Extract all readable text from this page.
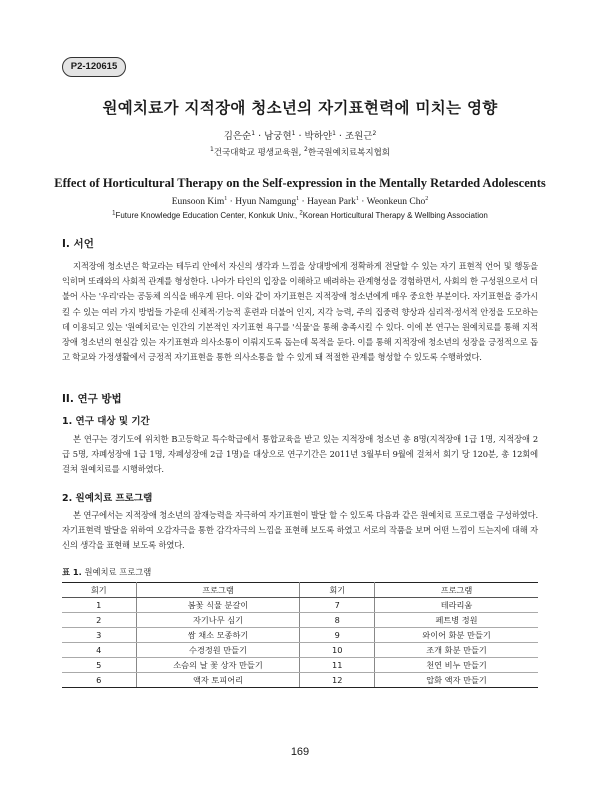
P2-120615
원예치료가 지적장애 청소년의 자기표현력에 미치는 영향
김은순$^1$ · 남궁현$^1$ · 박하얀$^1$ · 조원근$^2$
$^1$건국대학교 평생교육원, $^2$한국원예치료복지협회
Effect of Horticultural Therapy on the Self-expression in the Mentally Retarded Adolescents
Eunsoon Kim$^1$ · Hyun Namgung$^1$ · Hayean Park$^1$ · Weonkeun Cho$^2$
$^1$Future Knowledge Education Center, Konkuk Univ., $^2$Korean Horticultural Therapy & Wellbing Association
I. 서언

지적장애 청소년은 학교라는 테두리 안에서 자신의 생각과 느낌을 상대방에게 정확하게 전달할 수 있는 자기 표현적 언어 및 행동을 익히며 또래와의 사회적 관계를 형성한다. 나아가 타인의 입장을 이해하고 배려하는 관계형성을 경험하면서, 사회의 한 구성원으로서 더불어 사는 '우리'라는 공동체 의식을 배우게 된다. 이와 같이 자기표현은 지적장애 청소년에게 매우 중요한 부분이다. 자기표현을 증가시킬 수 있는 여러 가지 방법들 가운데 신체적·기능적 훈련과 더불어 인지, 지각 능력, 주의 집중력 향상과 심리적·정서적 안정을 도모하는데 이용되고 있는 '원예치료'는 인간의 기본적인 자기표현 욕구를 '식물'을 통해 충족시킬 수 있다. 이에 본 연구는 원예치료를 통해 지적장애 청소년의 현실감 있는 자기표현과 의사소통이 이뤄지도록 돕는데 목적을 둔다. 이를 통해 지적장애 청소년의 성장을 긍정적으로 돕고 학교와 가정생활에서 긍정적 자기표현을 통한 의사소통을 할 수 있게 돼 적절한 관계를 형성할 수 있도록 수행하였다.

II. 연구 방법
1. 연구 대상 및 기간

본 연구는 경기도에 위치한 B고등학교 특수학급에서 통합교육을 받고 있는 지적장애 청소년 총 8명(지적장애 1급 1명, 지적장애 2급 5명, 자폐성장애 1급 1명, 자폐성장애 2급 1명)을 대상으로 연구기간은 2011년 3월부터 9월에 걸쳐서 회기 당 120분, 총 12회에 걸쳐 원예치료를 시행하였다.

2. 원예치료 프로그램

본 연구에서는 지적장애 청소년의 잠재능력을 자극하여 자기표현이 발달 할 수 있도록 다음과 같은 원예치료 프로그램을 구성하였다. 자기표현력 발달을 위하여 오감자극을 통한 감각자극의 느낌을 표현해 보도록 하였고 서로의 작품을 보며 어떤 느낌이 드는지에 대해 자신의 생각을 표현해 보도록 하였다.

표 1. 원예치료 프로그램
회기	프로그램	회기	프로그램
1	봄꽃 식물 분갈이	7	테라리움
2	자기나무 심기	8	페트병 정원
3	쌈 채소 모종하기	9	와이어 화분 만들기
4	수경정원 만들기	10	조개 화분 만들기
5	소슴의 날 꽃 상자 만들기	11	천연 비누 만들기
6	액자 토피어리	12	압화 액자 만들기
169
